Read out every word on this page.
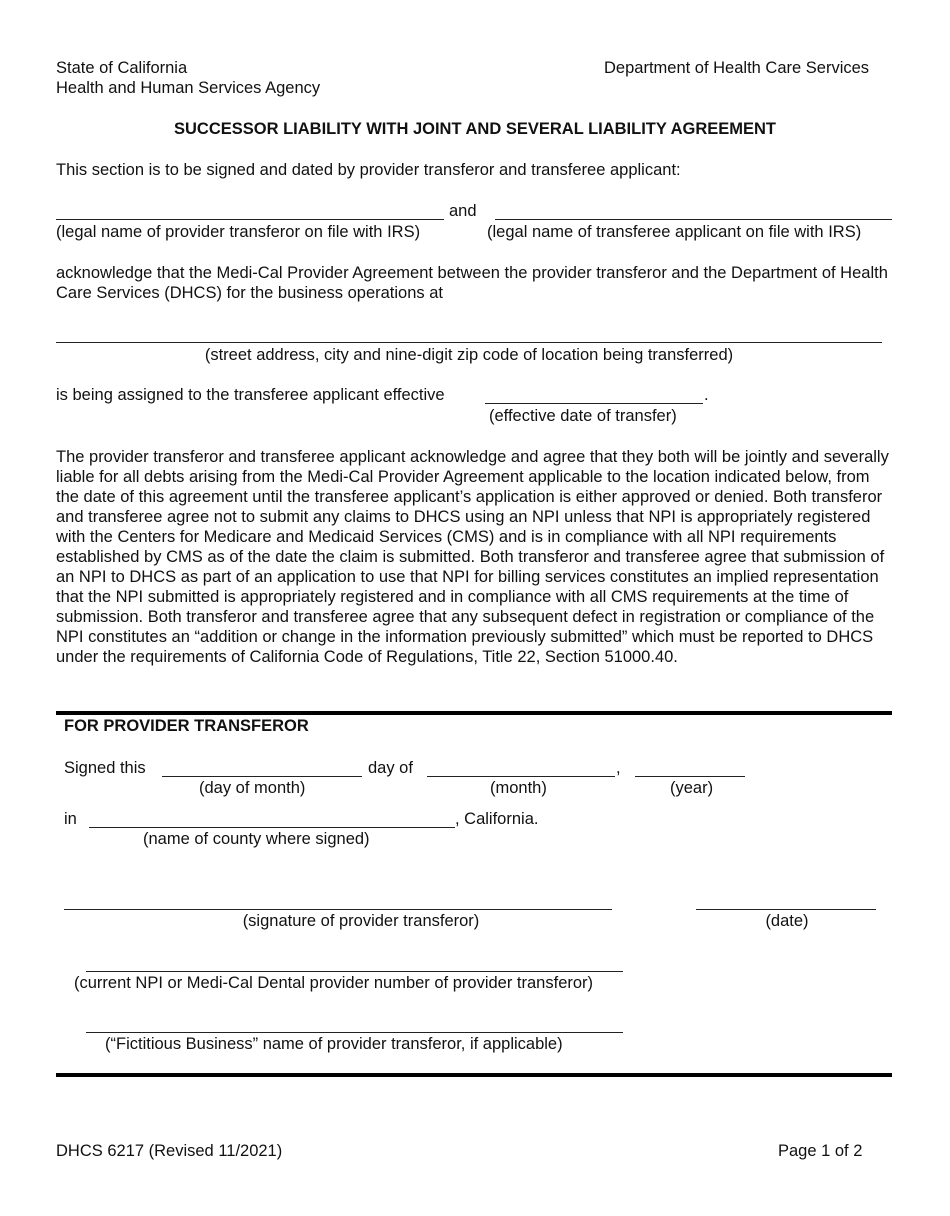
State of California
Health and Human Services Agency
Department of Health Care Services
SUCCESSOR LIABILITY WITH JOINT AND SEVERAL LIABILITY AGREEMENT
This section is to be signed and dated by provider transferor and transferee applicant:
and
(legal name of provider transferor on file with IRS)	(legal name of transferee applicant on file with IRS)
acknowledge that the Medi-Cal Provider Agreement between the provider transferor and the Department of Health Care Services (DHCS) for the business operations at
(street address, city and nine-digit zip code of location being transferred)
is being assigned to the transferee applicant effective	.
(effective date of transfer)
The provider transferor and transferee applicant acknowledge and agree that they both will be jointly and severally liable for all debts arising from the Medi-Cal Provider Agreement applicable to the location indicated below, from the date of this agreement until the transferee applicant’s application is either approved or denied. Both transferor and transferee agree not to submit any claims to DHCS using an NPI unless that NPI is appropriately registered with the Centers for Medicare and Medicaid Services (CMS) and is in compliance with all NPI requirements established by CMS as of the date the claim is submitted. Both transferor and transferee agree that submission of an NPI to DHCS as part of an application to use that NPI for billing services constitutes an implied representation that the NPI submitted is appropriately registered and in compliance with all CMS requirements at the time of submission. Both transferor and transferee agree that any subsequent defect in registration or compliance of the NPI constitutes an “addition or change in the information previously submitted” which must be reported to DHCS under the requirements of California Code of Regulations, Title 22, Section 51000.40.
FOR PROVIDER TRANSFEROR
Signed this	day of	,
(day of month)	(month)	(year)
in	, California.
(name of county where signed)
(signature of provider transferor)	(date)
(current NPI or Medi-Cal Dental provider number of provider transferor)
(“Fictitious Business” name of provider transferor, if applicable)
DHCS 6217 (Revised 11/2021)	Page 1 of 2
